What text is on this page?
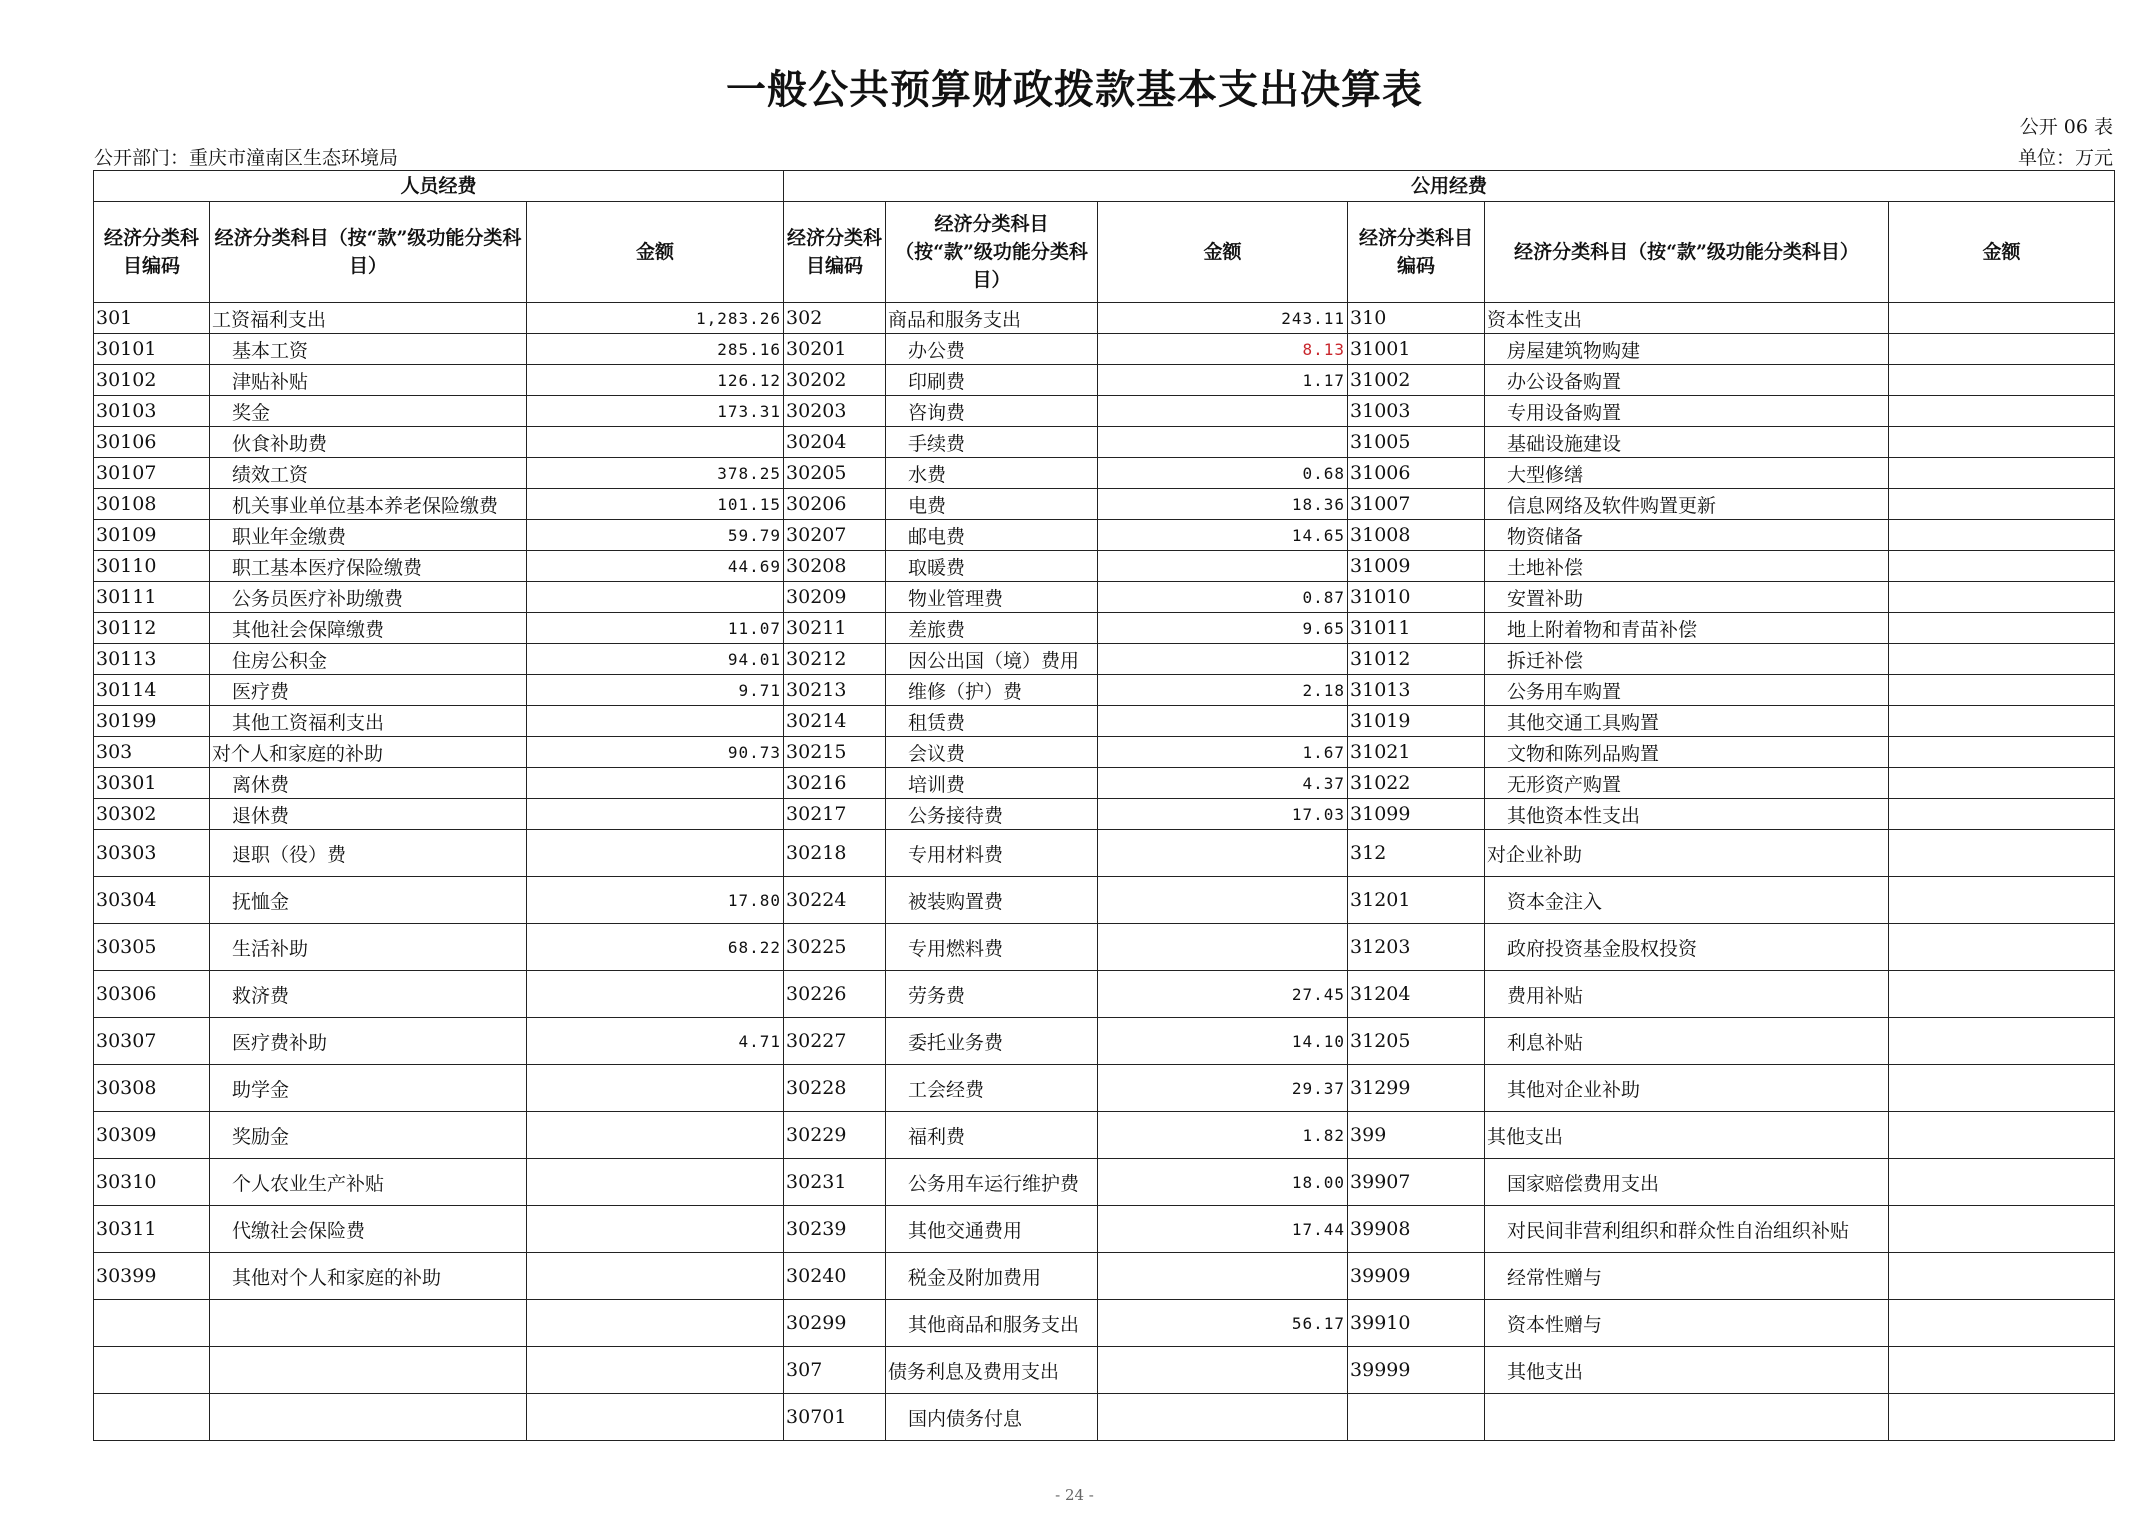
一般公共预算财政拨款基本支出决算表
公开 06 表
公开部门：重庆市潼南区生态环境局	单位：万元
人员经费			公用经费					
经济分类科目编码	经济分类科目（按“款”级功能分类科目）	金额	经济分类科目编码	经济分类科目（按“款”级功能分类科目）	金额	经济分类科目编码	经济分类科目（按“款”级功能分类科目）	金额
301	工资福利支出	1,283.26	302	商品和服务支出	243.11	310	资本性支出	
30101	基本工资	285.16	30201	办公费	8.13	31001	房屋建筑物购建	
30102	津贴补贴	126.12	30202	印刷费	1.17	31002	办公设备购置	
30103	奖金	173.31	30203	咨询费		31003	专用设备购置	
30106	伙食补助费		30204	手续费		31005	基础设施建设	
30107	绩效工资	378.25	30205	水费	0.68	31006	大型修缮	
30108	机关事业单位基本养老保险缴费	101.15	30206	电费	18.36	31007	信息网络及软件购置更新	
30109	职业年金缴费	59.79	30207	邮电费	14.65	31008	物资储备	
30110	职工基本医疗保险缴费	44.69	30208	取暖费		31009	土地补偿	
30111	公务员医疗补助缴费		30209	物业管理费	0.87	31010	安置补助	
30112	其他社会保障缴费	11.07	30211	差旅费	9.65	31011	地上附着物和青苗补偿	
30113	住房公积金	94.01	30212	因公出国（境）费用		31012	拆迁补偿	
30114	医疗费	9.71	30213	维修（护）费	2.18	31013	公务用车购置	
30199	其他工资福利支出		30214	租赁费		31019	其他交通工具购置	
303	对个人和家庭的补助	90.73	30215	会议费	1.67	31021	文物和陈列品购置	
30301	离休费		30216	培训费	4.37	31022	无形资产购置	
30302	退休费		30217	公务接待费	17.03	31099	其他资本性支出	
30303	退职（役）费		30218	专用材料费		312	对企业补助	
30304	抚恤金	17.80	30224	被装购置费		31201	资本金注入	
30305	生活补助	68.22	30225	专用燃料费		31203	政府投资基金股权投资	
30306	救济费		30226	劳务费	27.45	31204	费用补贴	
30307	医疗费补助	4.71	30227	委托业务费	14.10	31205	利息补贴	
30308	助学金		30228	工会经费	29.37	31299	其他对企业补助	
30309	奖励金		30229	福利费	1.82	399	其他支出	
30310	个人农业生产补贴		30231	公务用车运行维护费	18.00	39907	国家赔偿费用支出	
30311	代缴社会保险费		30239	其他交通费用	17.44	39908	对民间非营利组织和群众性自治组织补贴	
30399	其他对个人和家庭的补助		30240	税金及附加费用		39909	经常性赠与	
			30299	其他商品和服务支出	56.17	39910	资本性赠与	
			307	债务利息及费用支出		39999	其他支出	
			30701	国内债务付息				
- 24 -
